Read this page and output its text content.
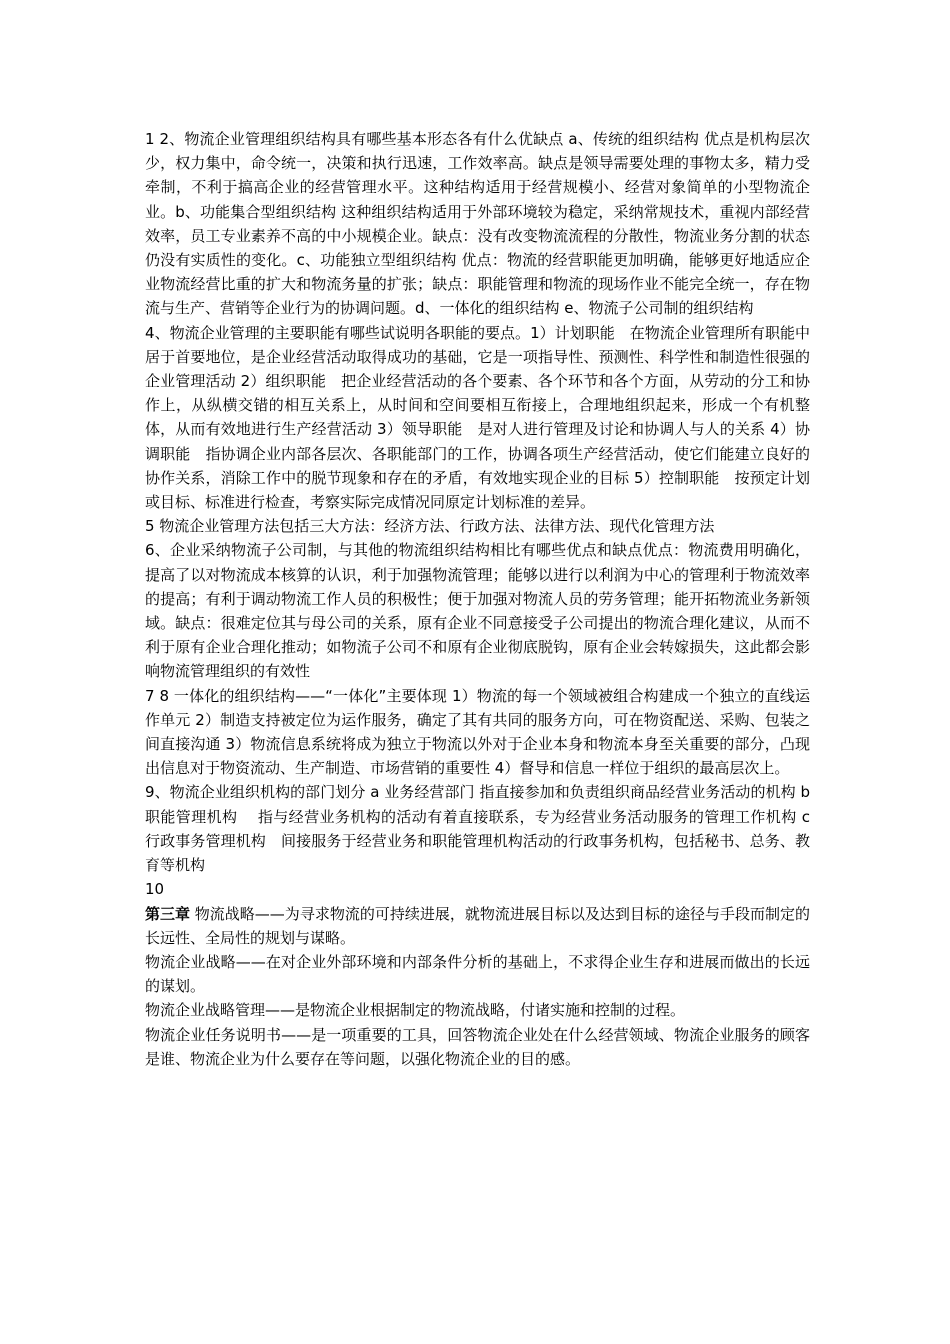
1 2、物流企业管理组织结构具有哪些基本形态各有什么优缺点 a、传统的组织结构 优点是机构层次少，权力集中，命令统一，决策和执行迅速，工作效率高。缺点是领导需要处理的事物太多，精力受牵制，不利于搞高企业的经营管理水平。这种结构适用于经营规模小、经营对象简单的小型物流企业。b、功能集合型组织结构 这种组织结构适用于外部环境较为稳定，采纳常规技术，重视内部经营效率，员工专业素养不高的中小规模企业。缺点：没有改变物流流程的分散性，物流业务分割的状态仍没有实质性的变化。c、功能独立型组织结构 优点：物流的经营职能更加明确，能够更好地适应企业物流经营比重的扩大和物流务量的扩张；缺点：职能管理和物流的现场作业不能完全统一，存在物流与生产、营销等企业行为的协调问题。d、一体化的组织结构 e、物流子公司制的组织结构

4、物流企业管理的主要职能有哪些试说明各职能的要点。1）计划职能　在物流企业管理所有职能中居于首要地位，是企业经营活动取得成功的基础，它是一项指导性、预测性、科学性和制造性很强的企业管理活动 2）组织职能　把企业经营活动的各个要素、各个环节和各个方面，从劳动的分工和协作上，从纵横交错的相互关系上，从时间和空间要相互衔接上，合理地组织起来，形成一个有机整体，从而有效地进行生产经营活动 3）领导职能　是对人进行管理及讨论和协调人与人的关系 4）协调职能　指协调企业内部各层次、各职能部门的工作，协调各项生产经营活动，使它们能建立良好的协作关系，消除工作中的脱节现象和存在的矛盾，有效地实现企业的目标 5）控制职能　按预定计划或目标、标准进行检查，考察实际完成情况同原定计划标准的差异。

5 物流企业管理方法包括三大方法：经济方法、行政方法、法律方法、现代化管理方法

6、企业采纳物流子公司制，与其他的物流组织结构相比有哪些优点和缺点优点：物流费用明确化，提高了以对物流成本核算的认识，利于加强物流管理；能够以进行以利润为中心的管理利于物流效率的提高；有利于调动物流工作人员的积极性；便于加强对物流人员的劳务管理；能开拓物流业务新领域。缺点：很难定位其与母公司的关系，原有企业不同意接受子公司提出的物流合理化建议，从而不利于原有企业合理化推动；如物流子公司不和原有企业彻底脱钩，原有企业会转嫁损失，这此都会影响物流管理组织的有效性

7 8 一体化的组织结构——“一体化”主要体现 1）物流的每一个领域被组合构建成一个独立的直线运作单元 2）制造支持被定位为运作服务，确定了其有共同的服务方向，可在物资配送、采购、包装之间直接沟通 3）物流信息系统将成为独立于物流以外对于企业本身和物流本身至关重要的部分，凸现出信息对于物资流动、生产制造、市场营销的重要性 4）督导和信息一样位于组织的最高层次上。

9、物流企业组织机构的部门划分 a 业务经营部门 指直接参加和负责组织商品经营业务活动的机构 b 职能管理机构　 指与经营业务机构的活动有着直接联系，专为经营业务活动服务的管理工作机构 c 行政事务管理机构　间接服务于经营业务和职能管理机构活动的行政事务机构，包括秘书、总务、教育等机构

10

第三章 物流战略——为寻求物流的可持续进展，就物流进展目标以及达到目标的途径与手段而制定的长远性、全局性的规划与谋略。

物流企业战略——在对企业外部环境和内部条件分析的基础上，不求得企业生存和进展而做出的长远的谋划。

物流企业战略管理——是物流企业根据制定的物流战略，付诸实施和控制的过程。

物流企业任务说明书——是一项重要的工具，回答物流企业处在什么经营领域、物流企业服务的顾客是谁、物流企业为什么要存在等问题，以强化物流企业的目的感。
